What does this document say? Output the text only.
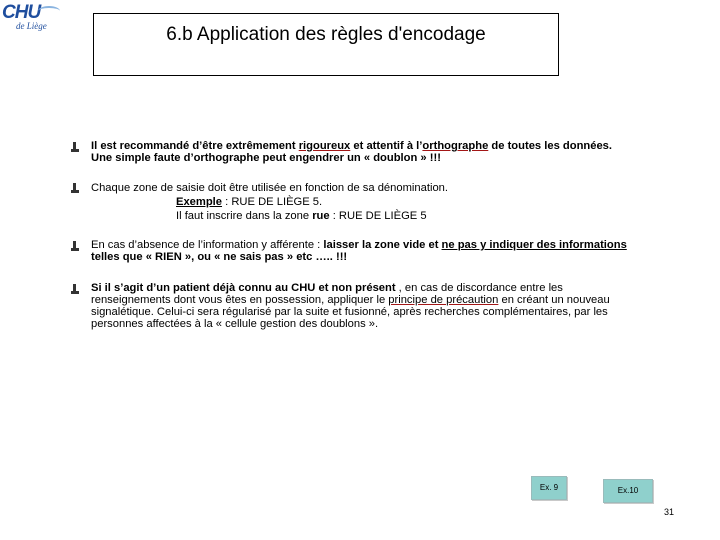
CHU
de Liège	6.b Application des règles d'encodage
Il est recommandé d’être extrêmement rigoureux et attentif à l’orthographe de toutes les données.
Une simple faute d’orthographe peut engendrer un « doublon » !!!
Chaque zone de saisie doit être utilisée en fonction de sa dénomination.
Exemple : RUE DE LIÈGE 5.
Il faut inscrire dans la zone rue : RUE DE LIÈGE 5
En cas d’absence de l’information y afférente : laisser la zone vide et ne pas y indiquer des informations
telles que « RIEN », ou « ne sais pas » etc ….. !!!
Si il s’agit d’un patient déjà connu au CHU et non présent , en cas de discordance entre les
renseignements dont vous êtes en possession, appliquer le principe de précaution en créant un nouveau
signalétique. Celui-ci sera régularisé par la suite et fusionné, après recherches complémentaires, par les
personnes affectées à la « cellule gestion des doublons ».
Ex. 9	Ex.10
31
